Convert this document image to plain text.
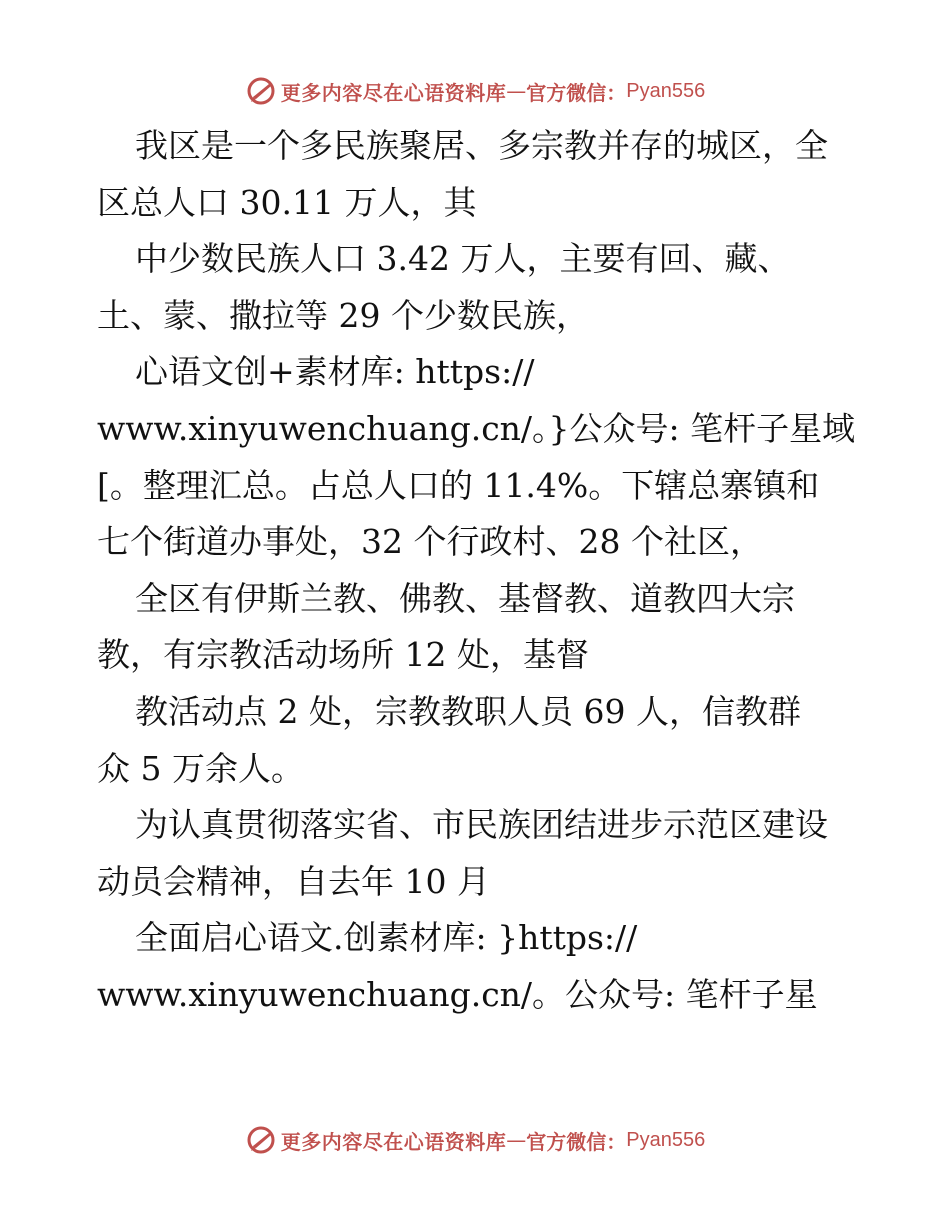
更多内容尽在心语资料库 — 官方微信： Pyan556
我区是一个多民族聚居、多宗教并存的城区，全
区总人口 30.11 万人，其
中少数民族人口 3.42 万人，主要有回、藏、
土、蒙、撒拉等 29 个少数民族，
心语文创+素材库: https://
www.xinyuwenchuang.cn/。}公众号: 笔杆子星域
[。整理汇总。占总人口的 11.4%。下辖总寨镇和
七个街道办事处，32 个行政村、28 个社区，
全区有伊斯兰教、佛教、基督教、道教四大宗
教，有宗教活动场所 12 处，基督
教活动点 2 处，宗教教职人员 69 人，信教群
众 5 万余人。
为认真贯彻落实省、市民族团结进步示范区建设
动员会精神，自去年 10 月
全面启心语文.创素材库: }https://
www.xinyuwenchuang.cn/。公众号: 笔杆子星
更多内容尽在心语资料库 — 官方微信： Pyan556
